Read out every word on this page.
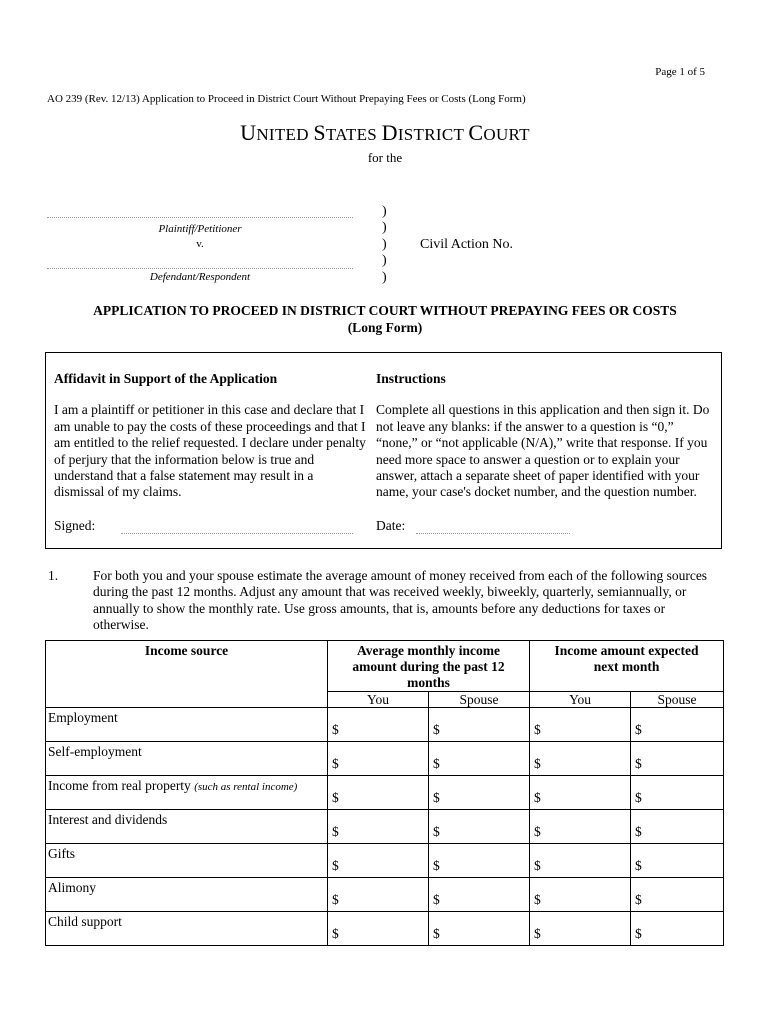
Page 1 of 5
AO 239 (Rev. 12/13) Application to Proceed in District Court Without Prepaying Fees or Costs (Long Form)
UNITED STATES DISTRICT COURT
for the
Plaintiff/Petitioner
v.
Defendant/Respondent
)
)
)
)
)
Civil Action No.
APPLICATION TO PROCEED IN DISTRICT COURT WITHOUT PREPAYING FEES OR COSTS
(Long Form)
Affidavit in Support of the Application

I am a plaintiff or petitioner in this case and declare that I am unable to pay the costs of these proceedings and that I am entitled to the relief requested. I declare under penalty of perjury that the information below is true and understand that a false statement may result in a dismissal of my claims.

Instructions

Complete all questions in this application and then sign it. Do not leave any blanks: if the answer to a question is “0,” “none,” or “not applicable (N/A),” write that response. If you need more space to answer a question or to explain your answer, attach a separate sheet of paper identified with your name, your case's docket number, and the question number.

Signed:	Date:
1.	For both you and your spouse estimate the average amount of money received from each of the following sources during the past 12 months. Adjust any amount that was received weekly, biweekly, quarterly, semiannually, or annually to show the monthly rate. Use gross amounts, that is, amounts before any deductions for taxes or otherwise.
Income source	Average monthly income amount during the past 12 months		Income amount expected next month	
	You	Spouse	You	Spouse
Employment	$	$	$	$
Self-employment	$	$	$	$
Income from real property (such as rental income)	$	$	$	$
Interest and dividends	$	$	$	$
Gifts	$	$	$	$
Alimony	$	$	$	$
Child support	$	$	$	$
